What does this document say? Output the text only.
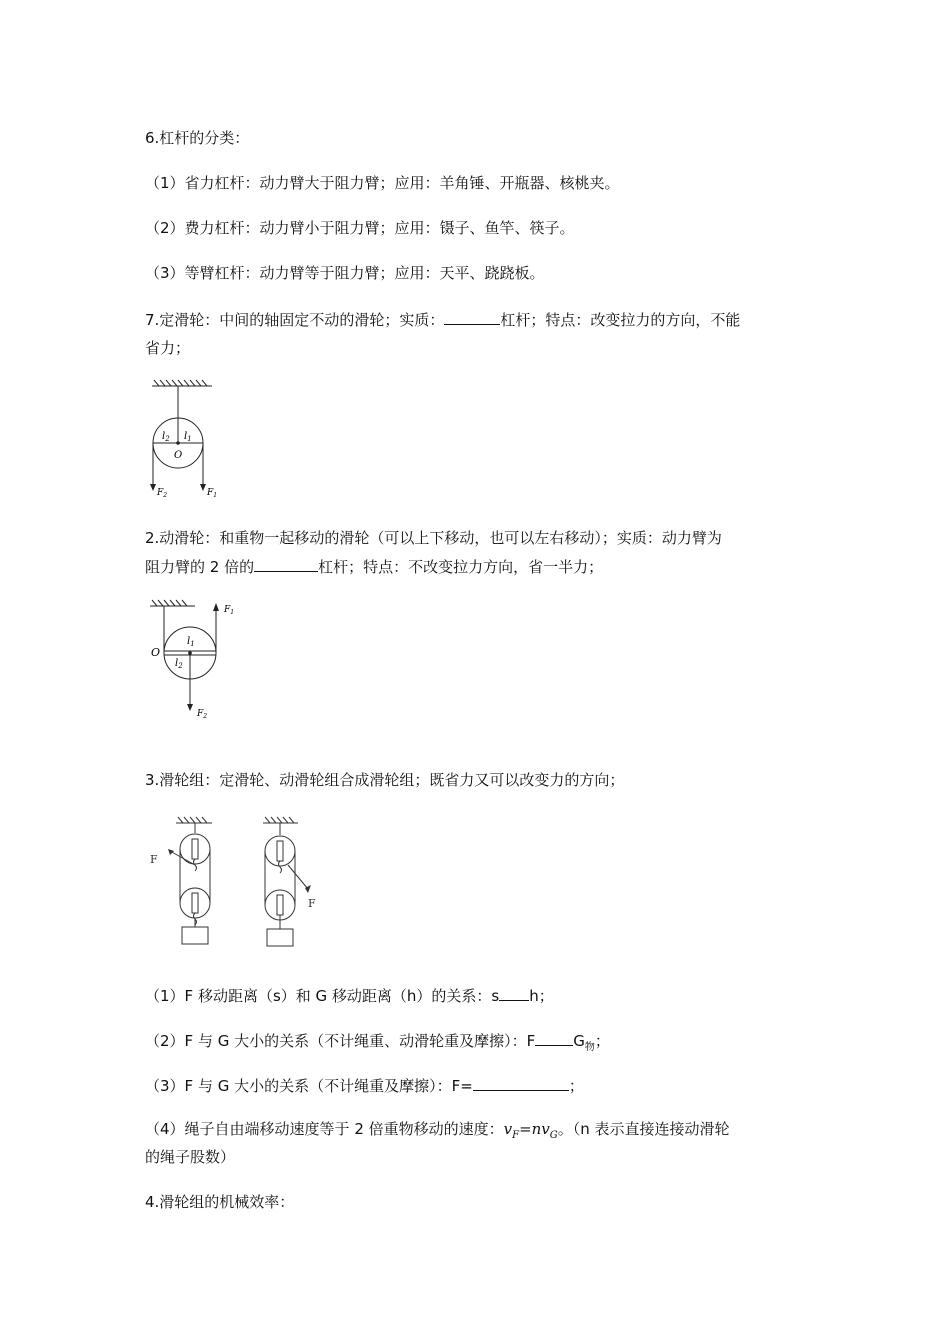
6.杠杆的分类：
（1）省力杠杆：动力臂大于阻力臂；应用：羊角锤、开瓶器、核桃夹。
（2）费力杠杆：动力臂小于阻力臂；应用：镊子、鱼竿、筷子。
（3）等臂杠杆：动力臂等于阻力臂；应用：天平、跷跷板。
7.定滑轮：中间的轴固定不动的滑轮；实质：	杠杆；特点：改变拉力的方向，不能
省力；
$l_2$ $l_1$
O
$F_2$	$F_1$
2.动滑轮：和重物一起移动的滑轮（可以上下移动，也可以左右移动）；实质：动力臂为
阻力臂的 2 倍的	杠杆；特点：不改变拉力方向，省一半力；
$F_1$
$l_1$
O
$l_2$
$F_2$
3.滑轮组：定滑轮、动滑轮组合成滑轮组；既省力又可以改变力的方向；
F
F
（1）F 移动距离（s）和 G 移动距离（h）的关系：s h；
（2）F 与 G 大小的关系（不计绳重、动滑轮重及摩擦）：F	$G_物$；
（3）F 与 G 大小的关系（不计绳重及摩擦）：F=	；
（4）绳子自由端移动速度等于 2 倍重物移动的速度：$v_F=nv_G$。（n 表示直接连接动滑轮
的绳子股数）
4.滑轮组的机械效率：
